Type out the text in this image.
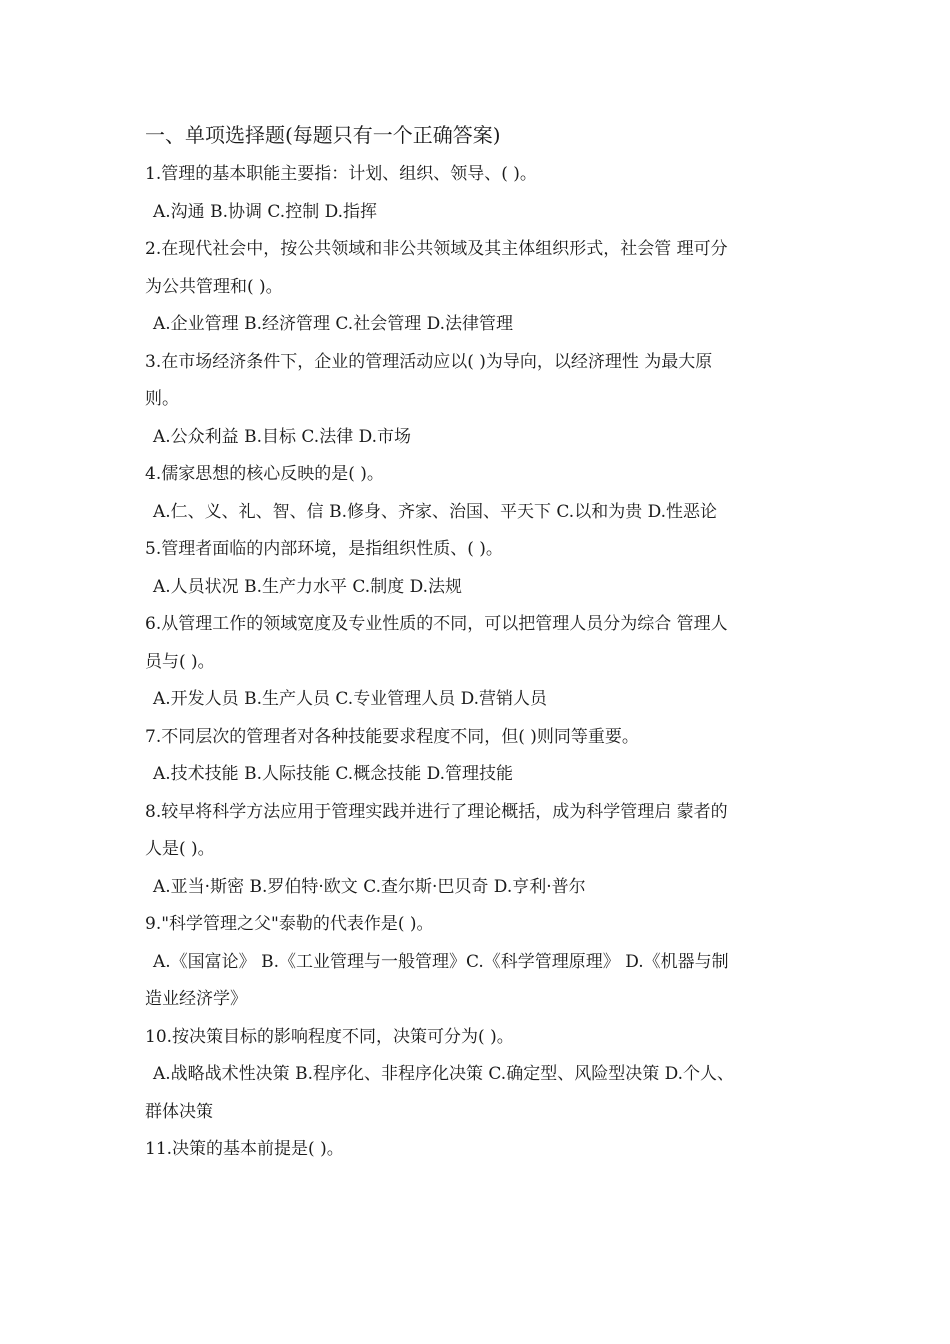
一、单项选择题(每题只有一个正确答案)
1.管理的基本职能主要指：计划、组织、领导、( )。
A.沟通 B.协调 C.控制 D.指挥
2.在现代社会中，按公共领域和非公共领域及其主体组织形式，社会管 理可分
为公共管理和( )。
A.企业管理 B.经济管理 C.社会管理 D.法律管理
3.在市场经济条件下，企业的管理活动应以( )为导向，以经济理性 为最大原
则。
A.公众利益 B.目标 C.法律 D.市场
4.儒家思想的核心反映的是( )。
A.仁、义、礼、智、信 B.修身、齐家、治国、平天下 C.以和为贵 D.性恶论
5.管理者面临的内部环境，是指组织性质、( )。
A.人员状况 B.生产力水平 C.制度 D.法规
6.从管理工作的领域宽度及专业性质的不同，可以把管理人员分为综合 管理人
员与( )。
A.开发人员 B.生产人员 C.专业管理人员 D.营销人员
7.不同层次的管理者对各种技能要求程度不同，但( )则同等重要。
A.技术技能 B.人际技能 C.概念技能 D.管理技能
8.较早将科学方法应用于管理实践并进行了理论概括，成为科学管理启 蒙者的
人是( )。
A.亚当·斯密 B.罗伯特·欧文 C.查尔斯·巴贝奇 D.亨利·普尔
9."科学管理之父"泰勒的代表作是( )。
A.《国富论》 B.《工业管理与一般管理》C.《科学管理原理》 D.《机器与制
造业经济学》
10.按决策目标的影响程度不同，决策可分为( )。
A.战略战术性决策 B.程序化、非程序化决策 C.确定型、风险型决策 D.个人、
群体决策
11.决策的基本前提是( )。
